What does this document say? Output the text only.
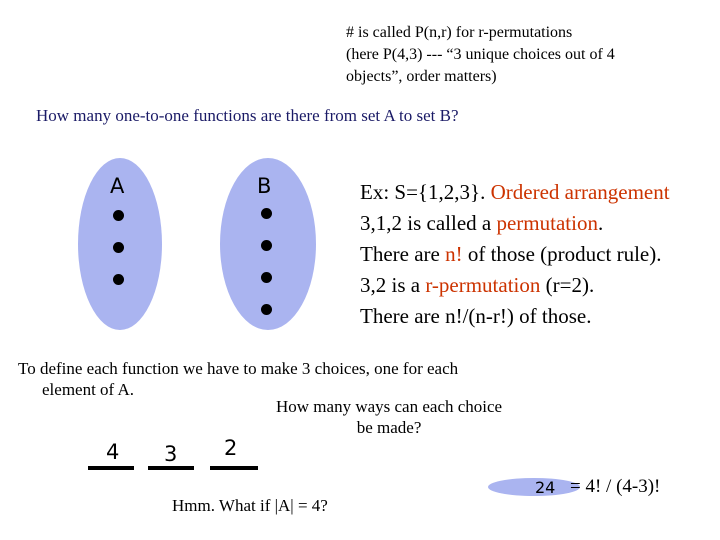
# is called P(n,r) for r-permutations
(here P(4,3) --- “3 unique choices out of 4
objects”, order matters)
How many one-to-one functions are there from set A to set B?
A	B	Ex: S={1,2,3}. Ordered arrangement
3,1,2 is called a permutation.
There are n! of those (product rule).
3,2 is a r-permutation (r=2).
There are n!/(n-r!) of those.
To define each function we have to make 3 choices, one for each
element of A.
How many ways can each choice
be made?
4 3 2
Hmm. What if |A| = 4?
24 = 4! / (4-3)!
